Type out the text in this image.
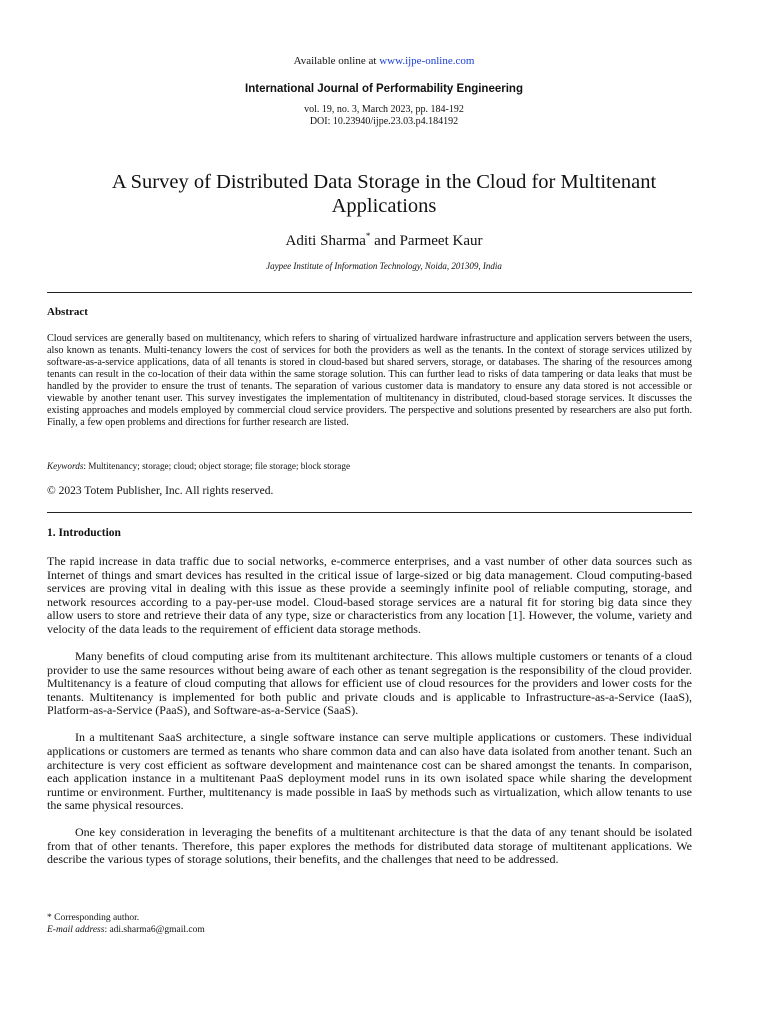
Available online at www.ijpe-online.com
International Journal of Performability Engineering
vol. 19, no. 3, March 2023, pp. 184-192
DOI: 10.23940/ijpe.23.03.p4.184192
A Survey of Distributed Data Storage in the Cloud for Multitenant Applications
Aditi Sharma* and Parmeet Kaur
Jaypee Institute of Information Technology, Noida, 201309, India
Abstract
Cloud services are generally based on multitenancy, which refers to sharing of virtualized hardware infrastructure and application servers between the users, also known as tenants. Multi-tenancy lowers the cost of services for both the providers as well as the tenants. In the context of storage services utilized by software-as-a-service applications, data of all tenants is stored in cloud-based but shared servers, storage, or databases. The sharing of the resources among tenants can result in the co-location of their data within the same storage solution. This can further lead to risks of data tampering or data leaks that must be handled by the provider to ensure the trust of tenants. The separation of various customer data is mandatory to ensure any data stored is not accessible or viewable by another tenant user. This survey investigates the implementation of multitenancy in distributed, cloud-based storage services. It discusses the existing approaches and models employed by commercial cloud service providers. The perspective and solutions presented by researchers are also put forth. Finally, a few open problems and directions for further research are listed.
Keywords: Multitenancy; storage; cloud; object storage; file storage; block storage
© 2023 Totem Publisher, Inc. All rights reserved.
1. Introduction

The rapid increase in data traffic due to social networks, e-commerce enterprises, and a vast number of other data sources such as Internet of things and smart devices has resulted in the critical issue of large-sized or big data management. Cloud computing-based services are proving vital in dealing with this issue as these provide a seemingly infinite pool of reliable computing, storage, and network resources according to a pay-per-use model. Cloud-based storage services are a natural fit for storing big data since they allow users to store and retrieve their data of any type, size or characteristics from any location [1]. However, the volume, variety and velocity of the data leads to the requirement of efficient data storage methods.

Many benefits of cloud computing arise from its multitenant architecture. This allows multiple customers or tenants of a cloud provider to use the same resources without being aware of each other as tenant segregation is the responsibility of the cloud provider. Multitenancy is a feature of cloud computing that allows for efficient use of cloud resources for the providers and lower costs for the tenants. Multitenancy is implemented for both public and private clouds and is applicable to Infrastructure-as-a-Service (IaaS), Platform-as-a-Service (PaaS), and Software-as-a-Service (SaaS).

In a multitenant SaaS architecture, a single software instance can serve multiple applications or customers. These individual applications or customers are termed as tenants who share common data and can also have data isolated from another tenant. Such an architecture is very cost efficient as software development and maintenance cost can be shared amongst the tenants. In comparison, each application instance in a multitenant PaaS deployment model runs in its own isolated space while sharing the development runtime or environment. Further, multitenancy is made possible in IaaS by methods such as virtualization, which allow tenants to use the same physical resources.

One key consideration in leveraging the benefits of a multitenant architecture is that the data of any tenant should be isolated from that of other tenants. Therefore, this paper explores the methods for distributed data storage of multitenant applications. We describe the various types of storage solutions, their benefits, and the challenges that need to be addressed.

* Corresponding author.
E-mail address: adi.sharma6@gmail.com
